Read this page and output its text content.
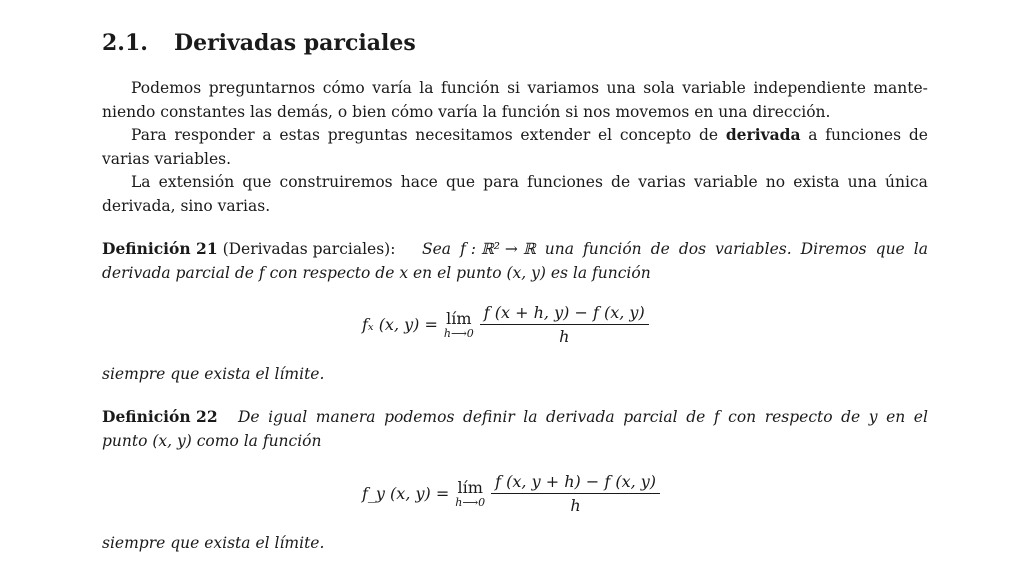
2.1. Derivadas parciales
Podemos preguntarnos cómo varía la función si variamos una sola variable independiente mante-
niendo constantes las demás, o bien cómo varía la función si nos movemos en una dirección.
Para responder a estas preguntas necesitamos extender el concepto de derivada a funciones de
varias variables.
La extensión que construiremos hace que para funciones de varias variable no exista una única
derivada, sino varias.
Definición 21 (Derivadas parciales): Sea f : ℝ² → ℝ una función de dos variables. Diremos que la
derivada parcial de f con respecto de x en el punto (x, y) es la función
fₓ (x, y) = lím
h⟶0 $\frac{f (x + h, y) - f (x, y)}{h}$
siempre que exista el límite.
Definición 22 De igual manera podemos definir la derivada parcial de f con respecto de y en el
punto (x, y) como la función
f_y (x, y) = lím
h⟶0 $\frac{f (x, y + h) - f (x, y)}{h}$
siempre que exista el límite.
